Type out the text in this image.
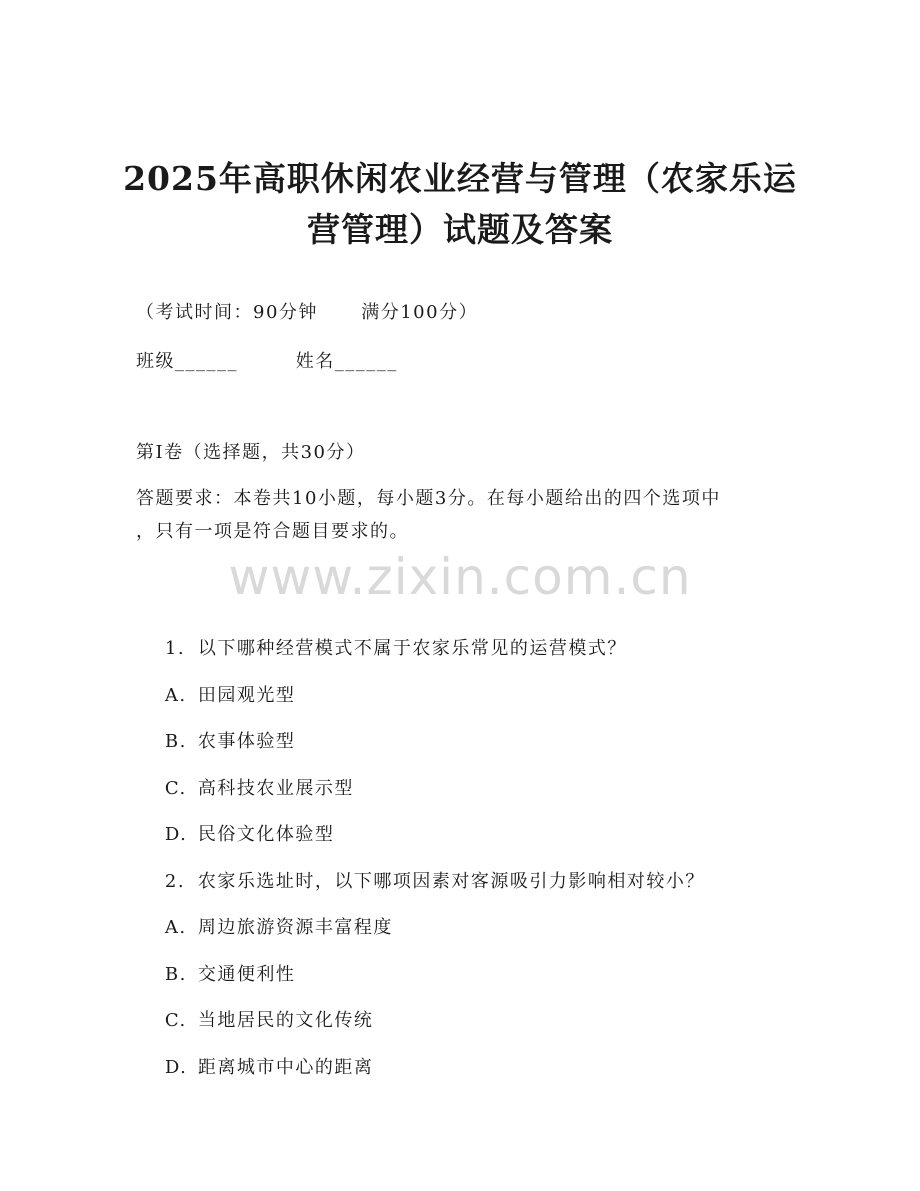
2025年高职休闲农业经营与管理（农家乐运
营管理）试题及答案
（考试时间：90分钟      满分100分）
班级______        姓名______
第I卷（选择题，共30分）
答题要求：本卷共10小题，每小题3分。在每小题给出的四个选项中
，只有一项是符合题目要求的。
www.zixin.com.cn

1. 以下哪种经营模式不属于农家乐常见的运营模式？

A. 田园观光型

B. 农事体验型

C. 高科技农业展示型

D. 民俗文化体验型

2. 农家乐选址时，以下哪项因素对客源吸引力影响相对较小？

A. 周边旅游资源丰富程度

B. 交通便利性

C. 当地居民的文化传统

D. 距离城市中心的距离
